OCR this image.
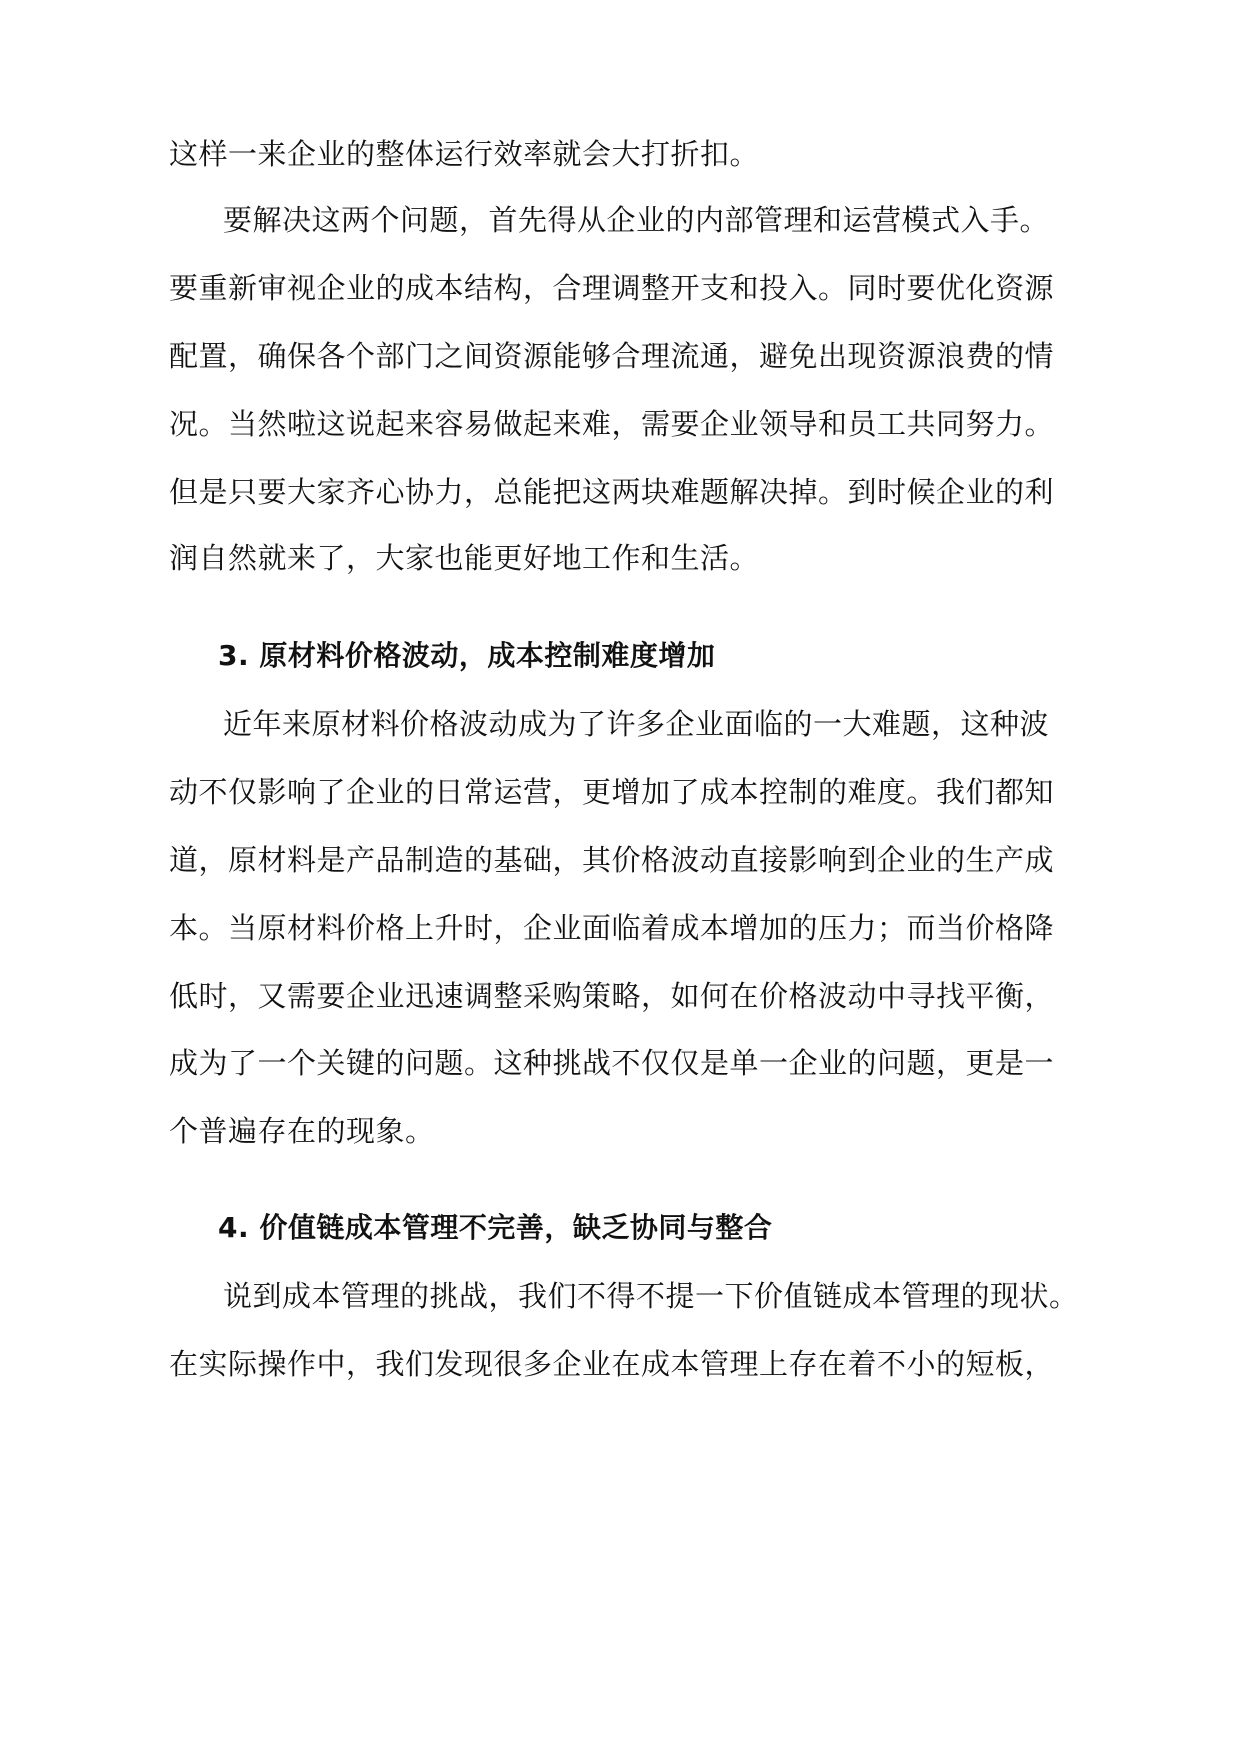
这样一来企业的整体运行效率就会大打折扣。
要解决这两个问题，首先得从企业的内部管理和运营模式入手。
要重新审视企业的成本结构，合理调整开支和投入。同时要优化资源
配置，确保各个部门之间资源能够合理流通，避免出现资源浪费的情
况。当然啦这说起来容易做起来难，需要企业领导和员工共同努力。
但是只要大家齐心协力，总能把这两块难题解决掉。到时候企业的利
润自然就来了，大家也能更好地工作和生活。
3. 原材料价格波动，成本控制难度增加
近年来原材料价格波动成为了许多企业面临的一大难题，这种波
动不仅影响了企业的日常运营，更增加了成本控制的难度。我们都知
道，原材料是产品制造的基础，其价格波动直接影响到企业的生产成
本。当原材料价格上升时，企业面临着成本增加的压力；而当价格降
低时，又需要企业迅速调整采购策略，如何在价格波动中寻找平衡，
成为了一个关键的问题。这种挑战不仅仅是单一企业的问题，更是一
个普遍存在的现象。
4. 价值链成本管理不完善，缺乏协同与整合
说到成本管理的挑战，我们不得不提一下价值链成本管理的现状。
在实际操作中，我们发现很多企业在成本管理上存在着不小的短板，
